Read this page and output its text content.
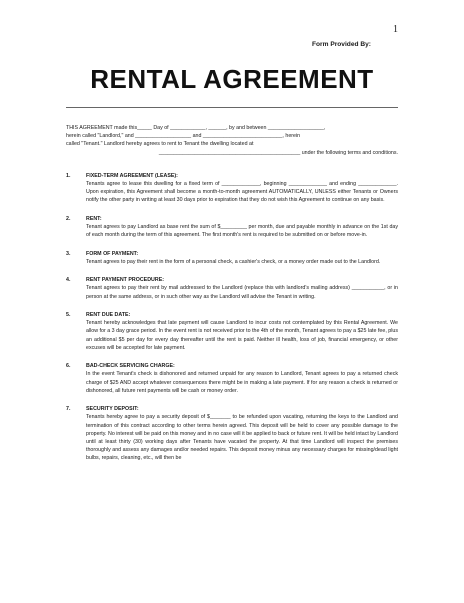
1
Form Provided By:
RENTAL AGREEMENT

THIS AGREEMENT made this_____ Day of ____________, ______, by and between ___________________,
herein called "Landlord," and ___________________ and ___________________________, herein
called "Tenant." Landlord hereby agrees to rent to Tenant the dwelling located at
________________________________________________ under the following terms and conditions.

1.	FIXED-TERM AGREEMENT (LEASE):
Tenants agree to lease this dwelling for a fixed term of _____________, beginning _____________ and ending _____________. Upon expiration, this Agreement shall become a month-to-month agreement AUTOMATICALLY, UNLESS either Tenants or Owners notify the other party in writing at least 30 days prior to expiration that they do not wish this Agreement to continue on any basis.
2.	RENT:
Tenant agrees to pay Landlord as base rent the sum of $_________ per month, due and payable monthly in advance on the 1st day of each month during the term of this agreement. The first month's rent is required to be submitted on or before move-in.
3.	FORM OF PAYMENT:
Tenant agrees to pay their rent in the form of a personal check, a cashier's check, or a money order made out to the Landlord.
4.	RENT PAYMENT PROCEDURE:
Tenant agrees to pay their rent by mail addressed to the Landlord (replace this with landlord's mailing address) ___________, or in person at the same address, or in such other way as the Landlord will advise the Tenant in writing.
5.	RENT DUE DATE:
Tenant hereby acknowledges that late payment will cause Landlord to incur costs not contemplated by this Rental Agreement. We allow for a 3 day grace period. In the event rent is not received prior to the 4th of the month, Tenant agrees to pay a $25 late fee, plus an additional $5 per day for every day thereafter until the rent is paid. Neither ill health, loss of job, financial emergency, or other excuses will be accepted for late payment.
6.	BAD-CHECK SERVICING CHARGE:
In the event Tenant's check is dishonored and returned unpaid for any reason to Landlord, Tenant agrees to pay a returned check charge of $25 AND accept whatever consequences there might be in making a late payment. If for any reason a check is returned or dishonored, all future rent payments will be cash or money order.
7.	SECURITY DEPOSIT:
Tenants hereby agree to pay a security deposit of $_______ to be refunded upon vacating, returning the keys to the Landlord and termination of this contract according to other terms herein agreed. This deposit will be held to cover any possible damage to the property. No interest will be paid on this money and in no case will it be applied to back or future rent. It will be held intact by Landlord until at least thirty (30) working days after Tenants have vacated the property. At that time Landlord will inspect the premises thoroughly and assess any damages and/or needed repairs. This deposit money minus any necessary charges for missing/dead light bulbs, repairs, cleaning, etc., will then be
